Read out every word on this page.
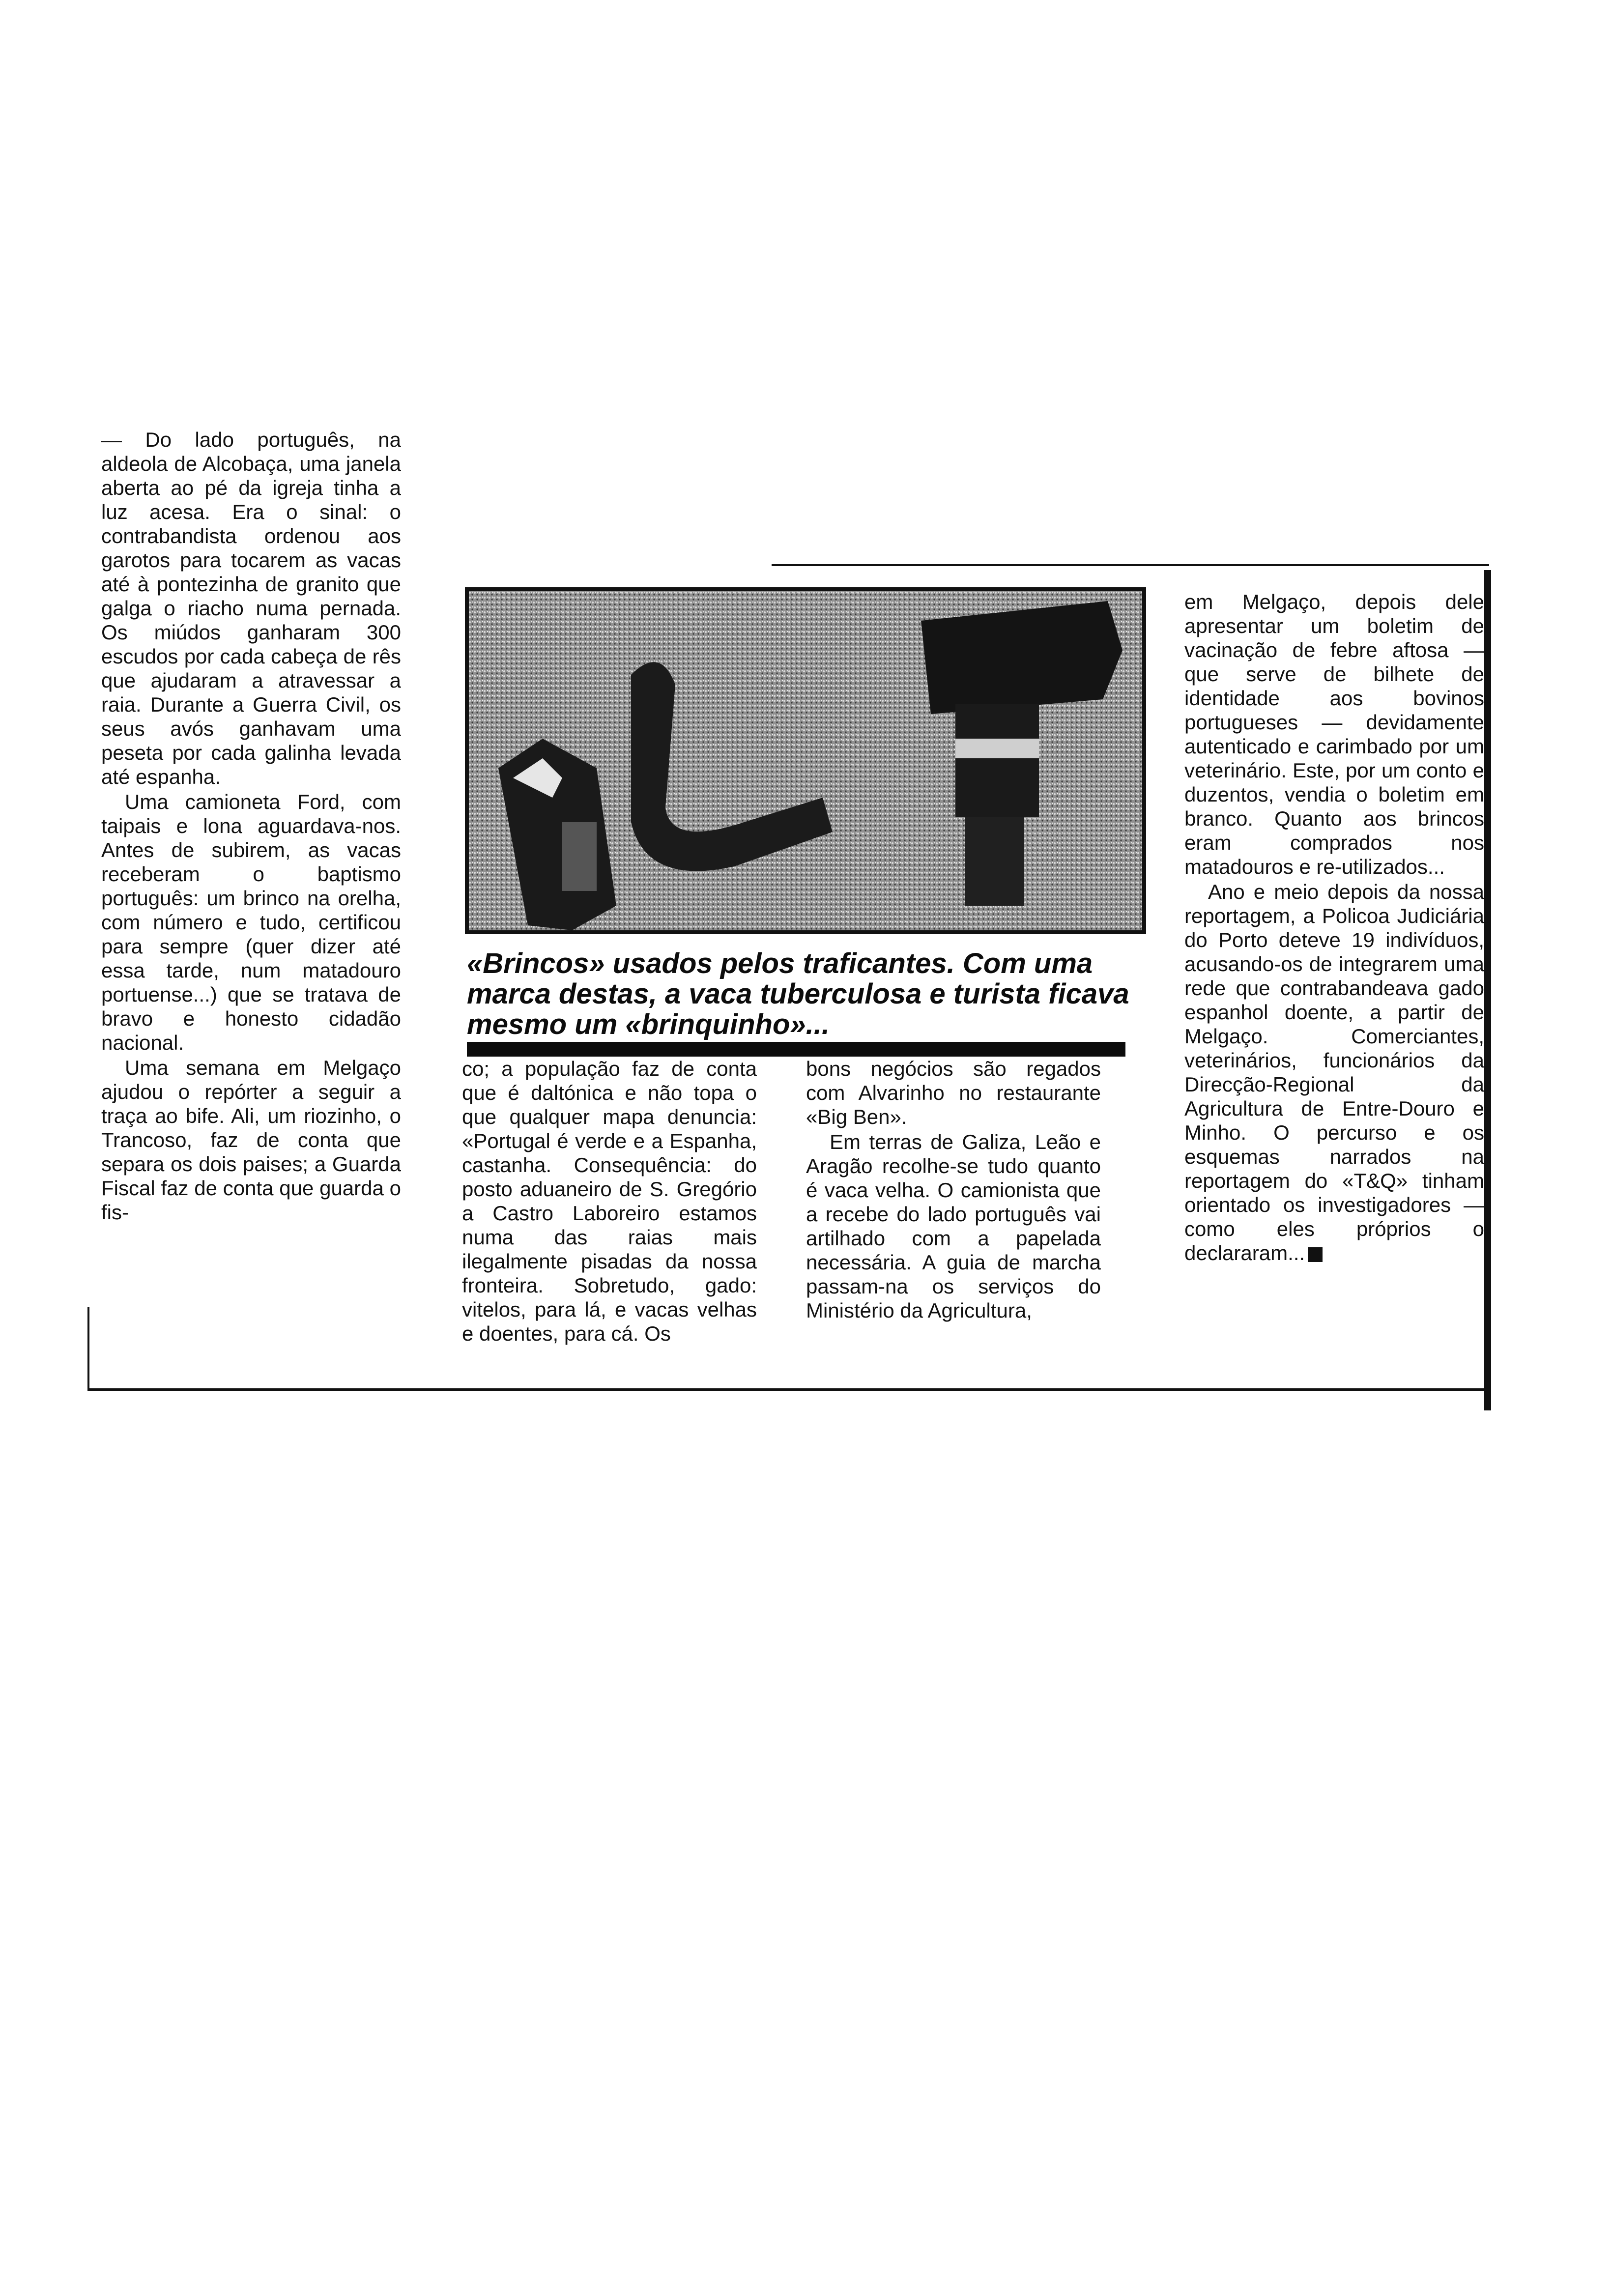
— Do lado português, na aldeola de Alcobaça, uma janela aberta ao pé da igreja tinha a luz acesa. Era o sinal: o contrabandista ordenou aos garotos para tocarem as vacas até à pontezinha de granito que galga o riacho numa pernada. Os miúdos ganharam 300 escudos por cada cabeça de rês que ajudaram a atravessar a raia. Durante a Guerra Civil, os seus avós ganhavam uma peseta por cada galinha levada até espanha.

Uma camioneta Ford, com taipais e lona aguardava-nos. Antes de subirem, as vacas receberam o baptismo português: um brinco na orelha, com número e tudo, certificou para sempre (quer dizer até essa tarde, num matadouro portuense...) que se tratava de bravo e honesto cidadão nacional.

Uma semana em Melgaço ajudou o repórter a seguir a traça ao bife. Ali, um riozinho, o Trancoso, faz de conta que separa os dois paises; a Guarda Fiscal faz de conta que guarda o fis-

«Brincos» usados pelos traficantes. Com uma marca destas, a vaca tuberculosa e turista ficava mesmo um «brinquinho»...

co; a população faz de conta que é daltónica e não topa o que qualquer mapa denuncia: «Portugal é verde e a Espanha, castanha. Consequência: do posto aduaneiro de S. Gregório a Castro Laboreiro estamos numa das raias mais ilegalmente pisadas da nossa fronteira. Sobretudo, gado: vitelos, para lá, e vacas velhas e doentes, para cá. Os

bons negócios são regados com Alvarinho no restaurante «Big Ben».

Em terras de Galiza, Leão e Aragão recolhe-se tudo quanto é vaca velha. O camionista que a recebe do lado português vai artilhado com a papelada necessária. A guia de marcha passam-na os serviços do Ministério da Agricultura,

em Melgaço, depois dele apresentar um boletim de vacinação de febre aftosa — que serve de bilhete de identidade aos bovinos portugueses — devidamente autenticado e carimbado por um veterinário. Este, por um conto e duzentos, vendia o boletim em branco. Quanto aos brincos eram comprados nos matadouros e re-utilizados...

Ano e meio depois da nossa reportagem, a Policoa Judiciária do Porto deteve 19 indivíduos, acusando-os de integrarem uma rede que contrabandeava gado espanhol doente, a partir de Melgaço. Comerciantes, veterinários, funcionários da Direcção-Regional da Agricultura de Entre-Douro e Minho. O percurso e os esquemas narrados na reportagem do «T&Q» tinham orientado os investigadores — como eles próprios o declararam...
